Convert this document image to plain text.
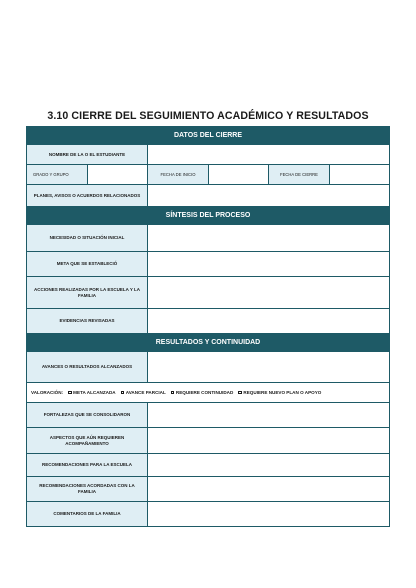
3.10 CIERRE DEL SEGUIMIENTO ACADÉMICO Y RESULTADOS
DATOS DEL CIERRE
NOMBRE DE LA O EL ESTUDIANTE
GRADO Y GRUPO	FECHA DE INICIO	FECHA DE CIERRE
PLANES, AVISOS O ACUERDOS RELACIONADOS
SÍNTESIS DEL PROCESO
NECESIDAD O SITUACIÓN INICIAL
META QUE SE ESTABLECIÓ
ACCIONES REALIZADAS POR LA ESCUELA Y LA FAMILIA
EVIDENCIAS REVISADAS
RESULTADOS Y CONTINUIDAD
AVANCES O RESULTADOS ALCANZADOS
VALORACIÓN: META ALCANZADA AVANCE PARCIAL REQUIERE CONTINUIDAD REQUIERE NUEVO PLAN O APOYO
FORTALEZAS QUE SE CONSOLIDARON
ASPECTOS QUE AÚN REQUIEREN ACOMPAÑAMIENTO
RECOMENDACIONES PARA LA ESCUELA
RECOMENDACIONES ACORDADAS CON LA FAMILIA
COMENTARIOS DE LA FAMILIA
